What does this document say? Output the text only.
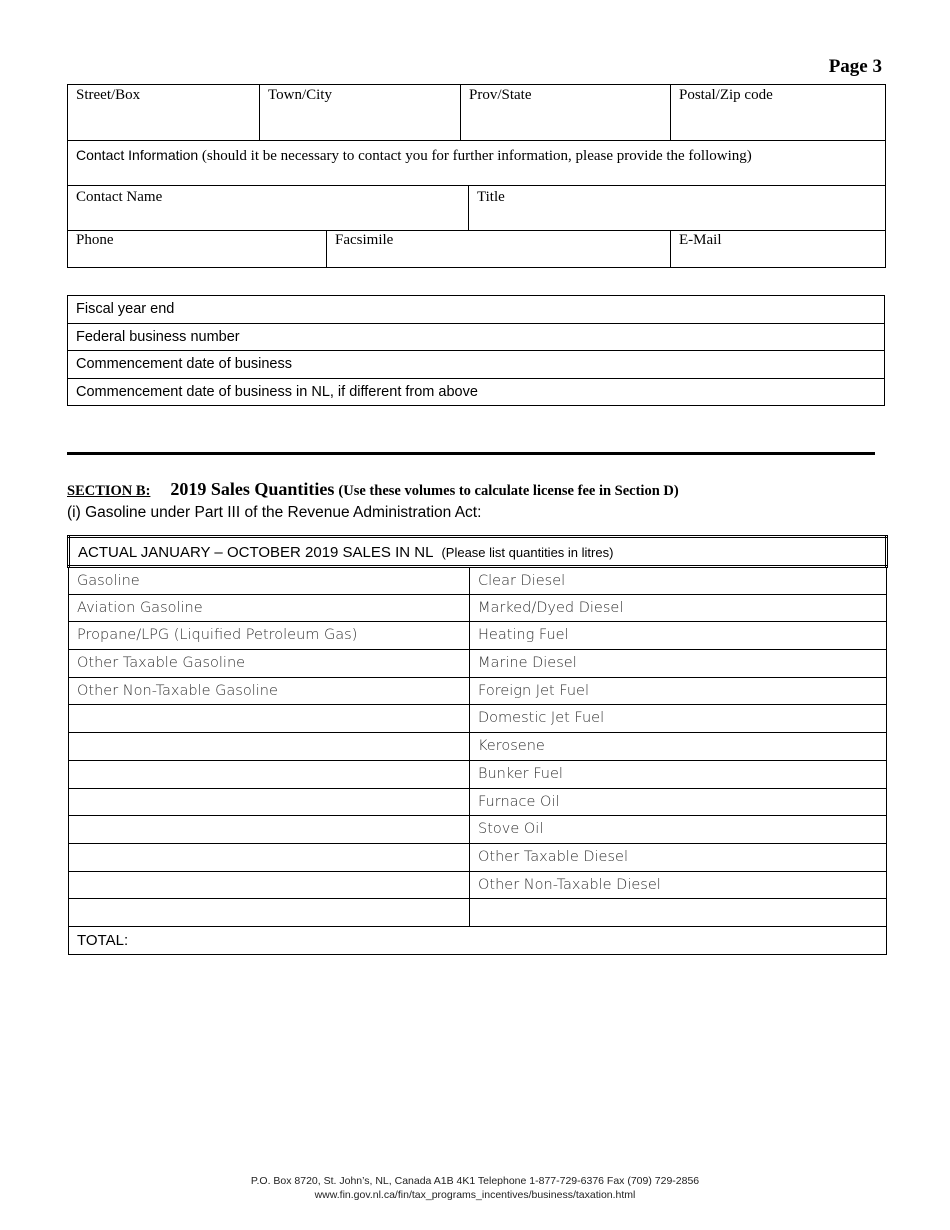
Page 3
Street/Box	Town/City		Prov/State		Postal/Zip code
Contact Information (should it be necessary to contact you for further information, please provide the following)					
Contact Name				Title	
Phone		Facsimile			E-Mail
Fiscal year end
Federal business number
Commencement date of business
Commencement date of business in NL, if different from above
SECTION B: 2019 Sales Quantities (Use these volumes to calculate license fee in Section D)
(i) Gasoline under Part III of the Revenue Administration Act:
ACTUAL JANUARY – OCTOBER 2019 SALES IN NL (Please list quantities in litres)	
Gasoline	Clear Diesel
Aviation Gasoline	Marked/Dyed Diesel
Propane/LPG (Liquified Petroleum Gas)	Heating Fuel
Other Taxable Gasoline	Marine Diesel
Other Non-Taxable Gasoline	Foreign Jet Fuel
	Domestic Jet Fuel
	Kerosene
	Bunker Fuel
	Furnace Oil
	Stove Oil
	Other Taxable Diesel
	Other Non-Taxable Diesel

TOTAL:	
P.O. Box 8720, St. John’s, NL, Canada A1B 4K1 Telephone 1-877-729-6376 Fax (709) 729-2856
www.fin.gov.nl.ca/fin/tax_programs_incentives/business/taxation.html
